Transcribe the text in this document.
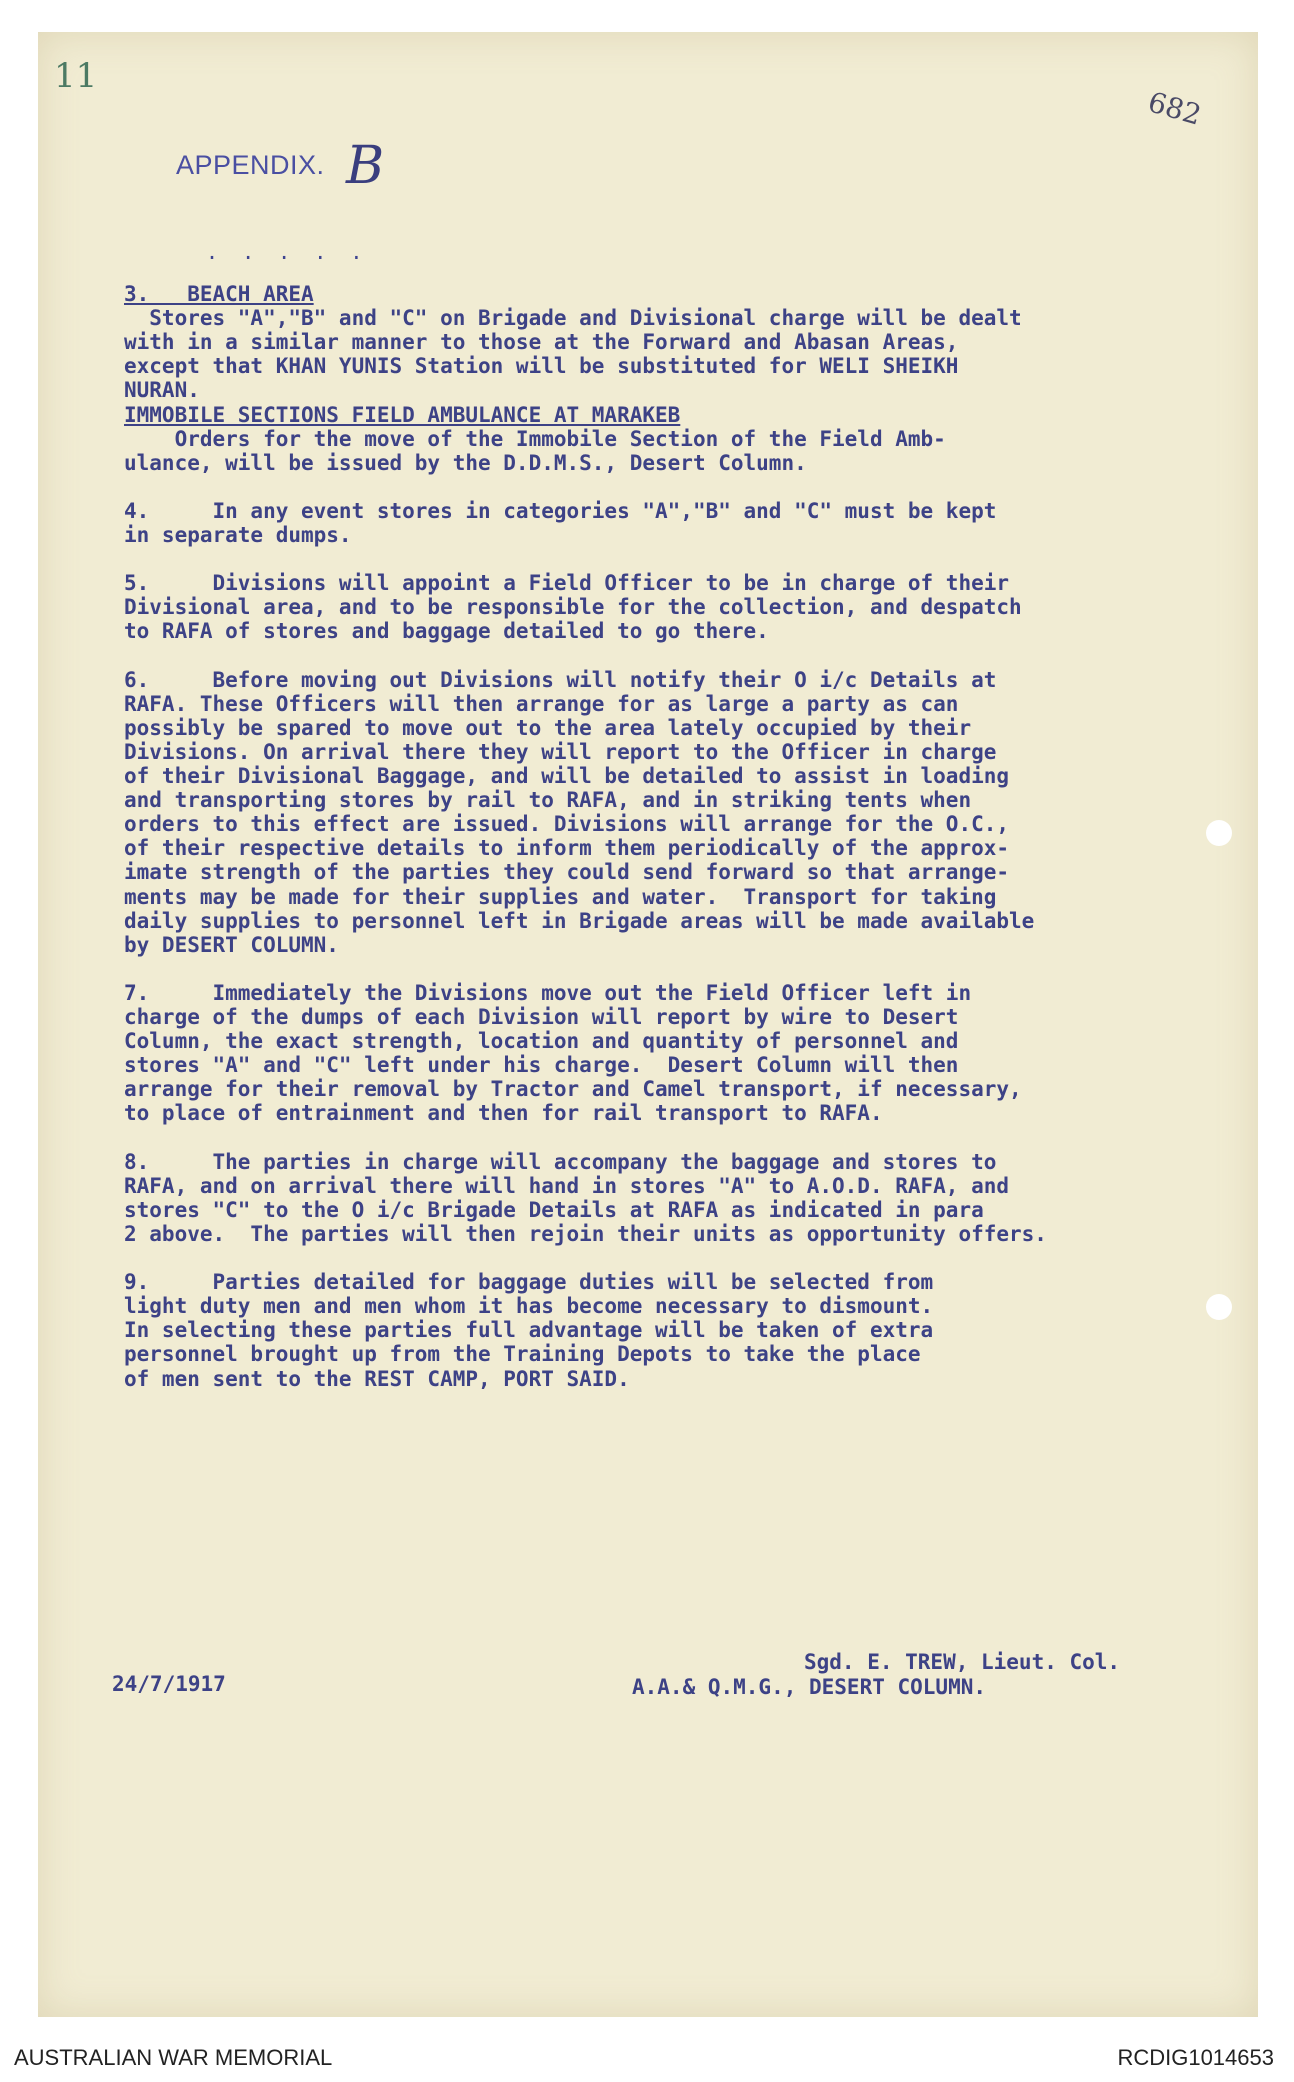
11
682
APPENDIX. B
. . . . .
3.   BEACH AREA
Stores "A","B" and "C" on Brigade and Divisional charge will be dealt
with in a similar manner to those at the Forward and Abasan Areas,
except that KHAN YUNIS Station will be substituted for WELI SHEIKH
NURAN.
IMMOBILE SECTIONS FIELD AMBULANCE AT MARAKEB
Orders for the move of the Immobile Section of the Field Amb-
ulance, will be issued by the D.D.M.S., Desert Column.
4.     In any event stores in categories "A","B" and "C" must be kept
in separate dumps.
5.     Divisions will appoint a Field Officer to be in charge of their
Divisional area, and to be responsible for the collection, and despatch
to RAFA of stores and baggage detailed to go there.
6.     Before moving out Divisions will notify their O i/c Details at
RAFA. These Officers will then arrange for as large a party as can
possibly be spared to move out to the area lately occupied by their
Divisions. On arrival there they will report to the Officer in charge
of their Divisional Baggage, and will be detailed to assist in loading
and transporting stores by rail to RAFA, and in striking tents when
orders to this effect are issued. Divisions will arrange for the O.C.,
of their respective details to inform them periodically of the approx-
imate strength of the parties they could send forward so that arrange-
ments may be made for their supplies and water.  Transport for taking
daily supplies to personnel left in Brigade areas will be made available
by DESERT COLUMN.
7.     Immediately the Divisions move out the Field Officer left in
charge of the dumps of each Division will report by wire to Desert
Column, the exact strength, location and quantity of personnel and
stores "A" and "C" left under his charge.  Desert Column will then
arrange for their removal by Tractor and Camel transport, if necessary,
to place of entrainment and then for rail transport to RAFA.
8.     The parties in charge will accompany the baggage and stores to
RAFA, and on arrival there will hand in stores "A" to A.O.D. RAFA, and
stores "C" to the O i/c Brigade Details at RAFA as indicated in para
2 above.  The parties will then rejoin their units as opportunity offers.
9.     Parties detailed for baggage duties will be selected from
light duty men and men whom it has become necessary to dismount.
In selecting these parties full advantage will be taken of extra
personnel brought up from the Training Depots to take the place
of men sent to the REST CAMP, PORT SAID.
24/7/1917
Sgd. E. TREW, Lieut. Col.
A.A.& Q.M.G., DESERT COLUMN.
AUSTRALIAN WAR MEMORIAL	RCDIG1014653
